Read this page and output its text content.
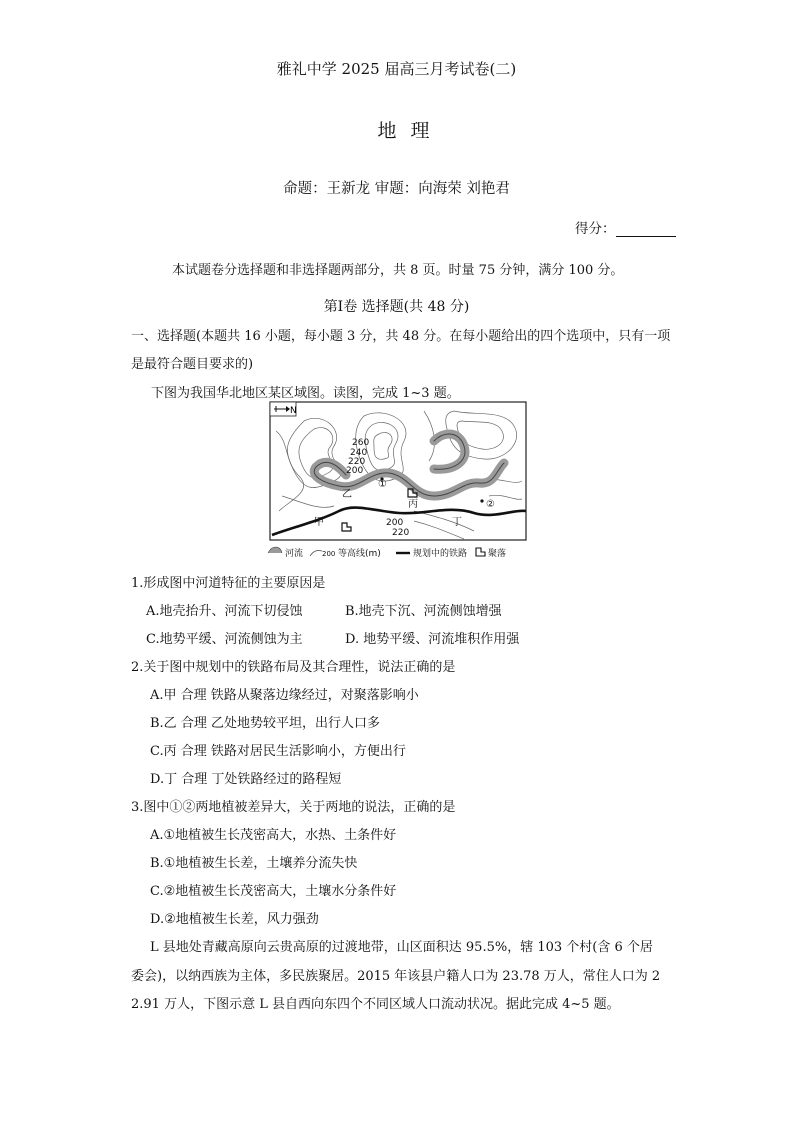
雅礼中学 2025 届高三月考试卷(二)
地理
命题：王新龙 审题：向海荣 刘艳君
得分：
本试题卷分选择题和非选择题两部分，共 8 页。时量 75 分钟，满分 100 分。
第Ⅰ卷 选择题(共 48 分)
一、选择题(本题共 16 小题，每小题 3 分，共 48 分。在每小题给出的四个选项中，只有一项
是最符合题目要求的)
下图为我国华北地区某区域图。读图，完成 1~3 题。
N
260
240
220
200
200
220
甲
乙
丙
丁
①
②
河流	200 等高线(m)	规划中的铁路 聚落
1.形成图中河道特征的主要原因是
A.地壳抬升、河流下切侵蚀	B.地壳下沉、河流侧蚀增强
C.地势平缓、河流侧蚀为主	D. 地势平缓、河流堆积作用强
2.关于图中规划中的铁路布局及其合理性，说法正确的是
A.甲 合理 铁路从聚落边缘经过，对聚落影响小
B.乙 合理 乙处地势较平坦，出行人口多
C.丙 合理 铁路对居民生活影响小，方便出行
D.丁 合理 丁处铁路经过的路程短
3.图中①②两地植被差异大，关于两地的说法，正确的是
A.①地植被生长茂密高大，水热、土条件好
B.①地植被生长差，土壤养分流失快
C.②地植被生长茂密高大，土壤水分条件好
D.②地植被生长差，风力强劲
L 县地处青藏高原向云贵高原的过渡地带，山区面积达 95.5%，辖 103 个村(含 6 个居
委会)，以纳西族为主体，多民族聚居。2015 年该县户籍人口为 23.78 万人，常住人口为 2
2.91 万人，下图示意 L 县自西向东四个不同区域人口流动状况。据此完成 4~5 题。
